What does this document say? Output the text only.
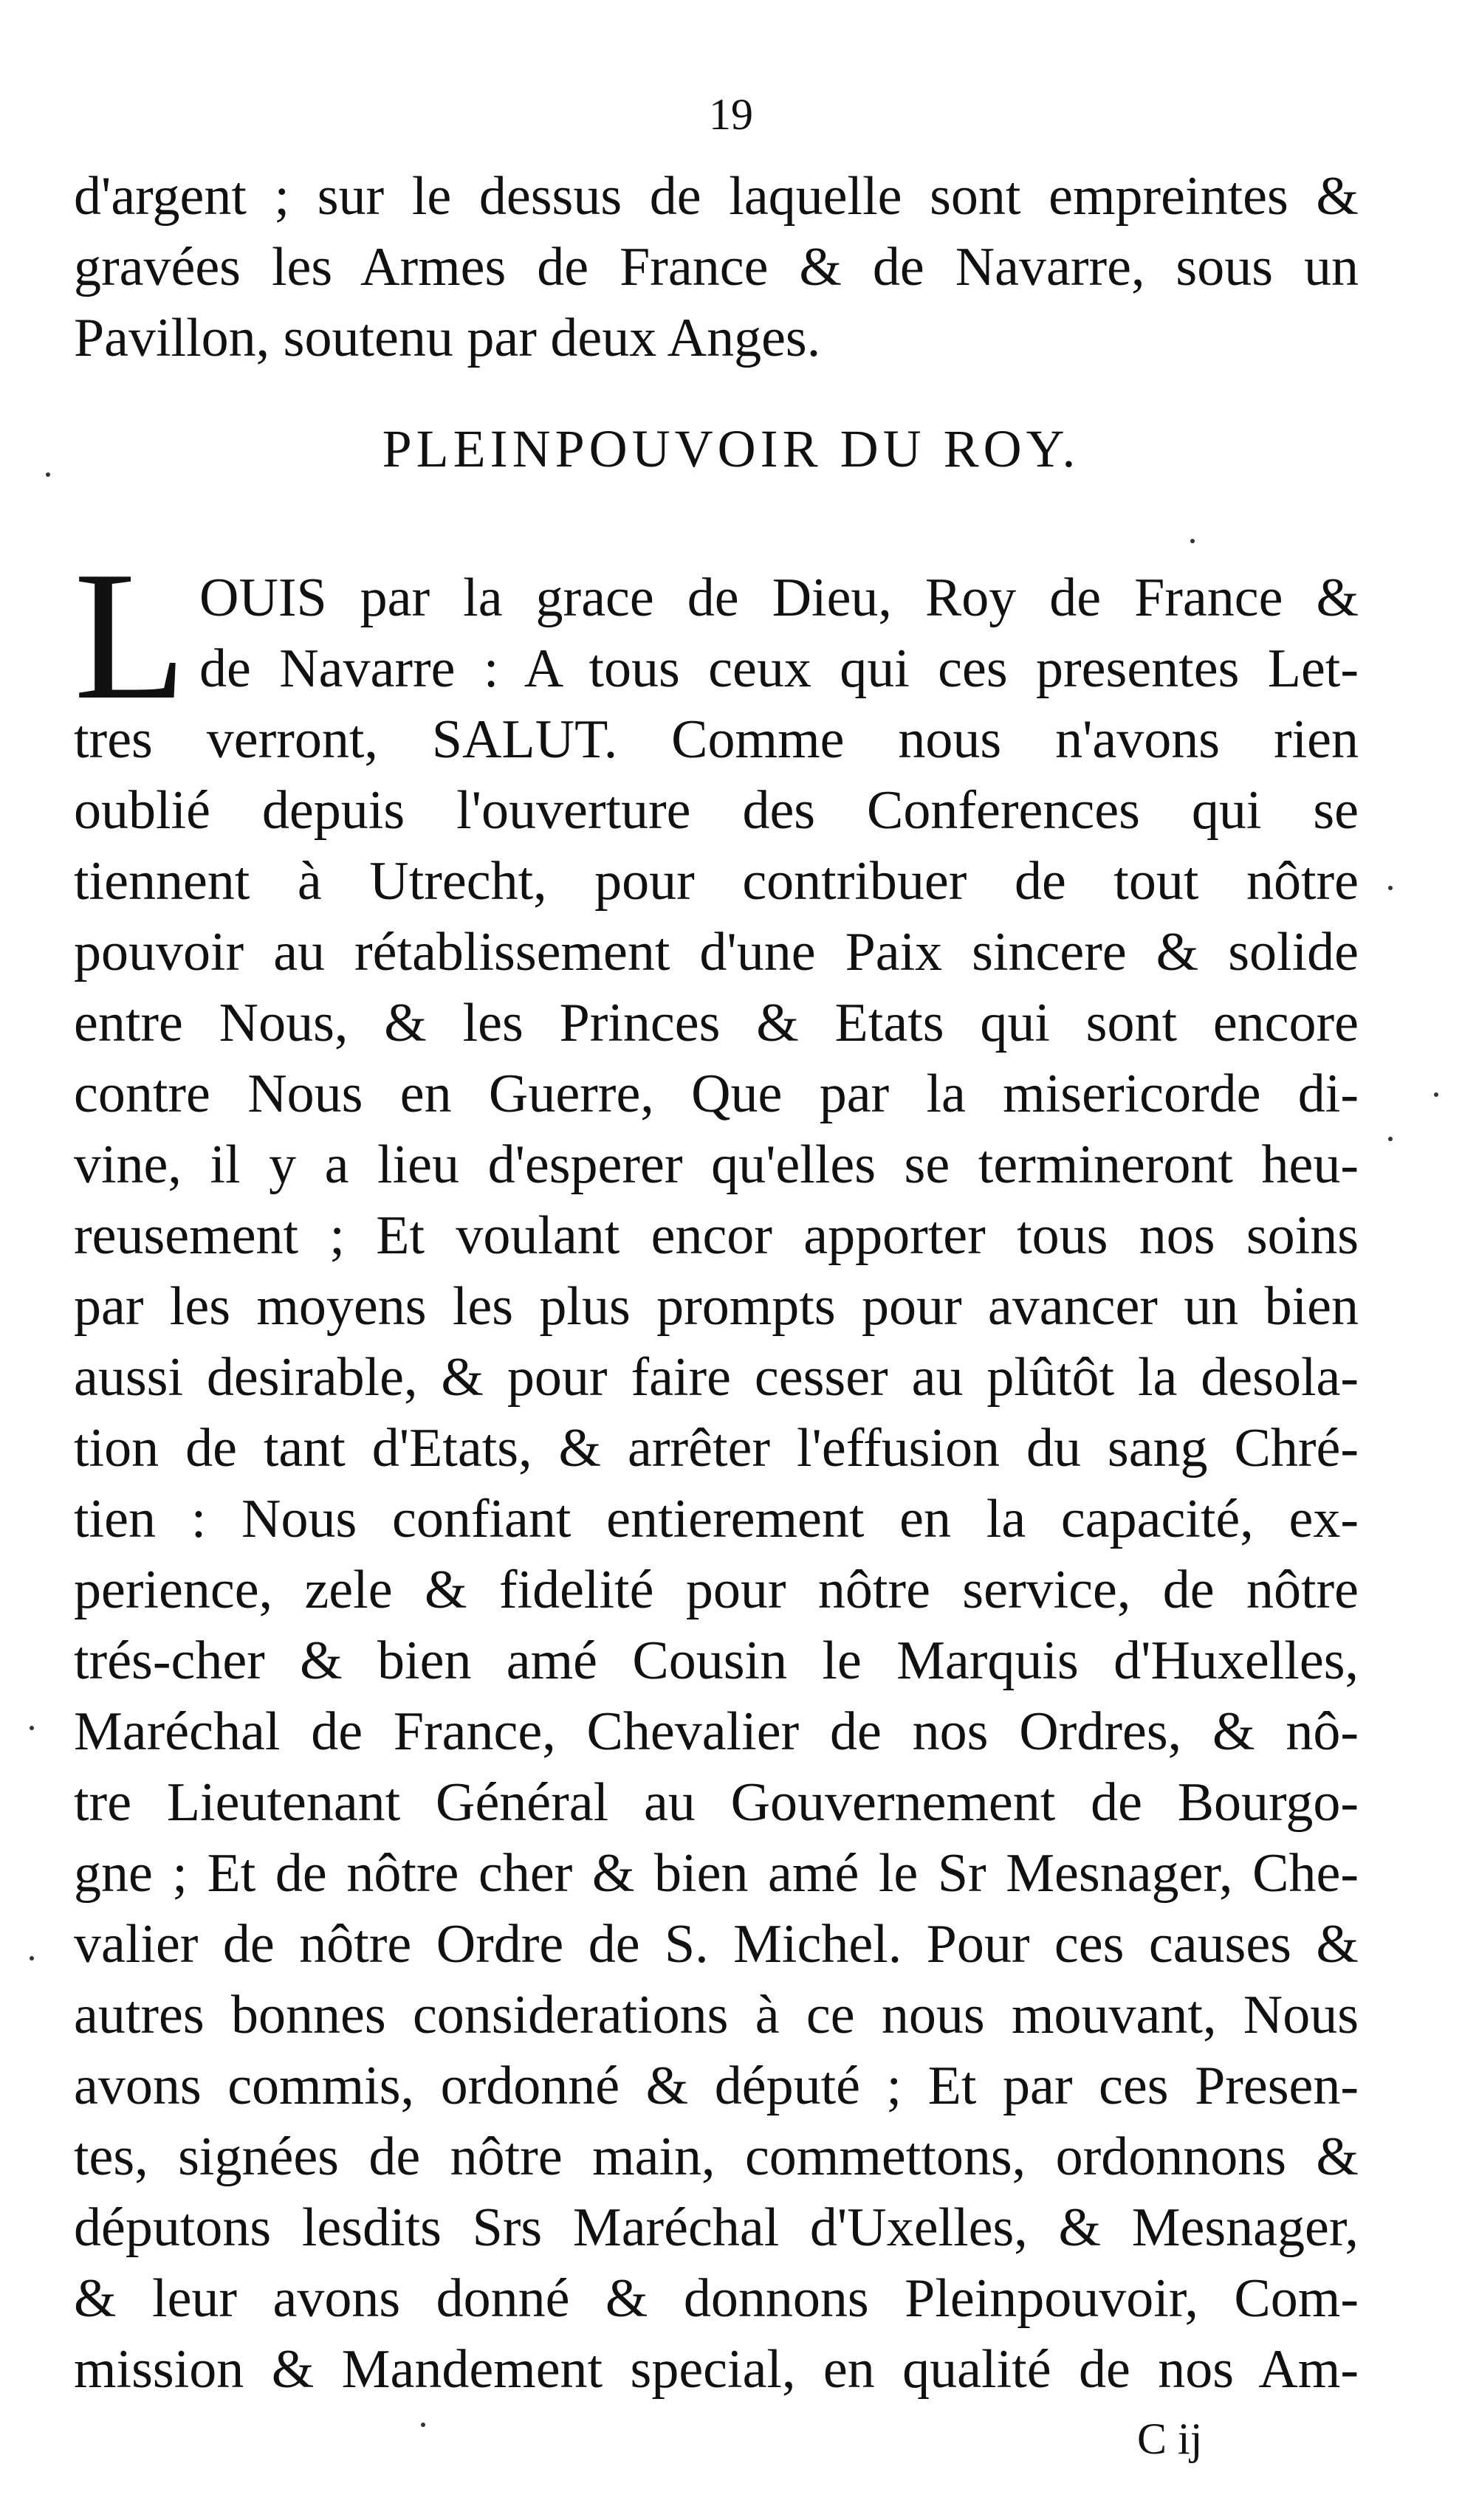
19
d'argent ; sur le dessus de laquelle sont empreintes &
gravées les Armes de France & de Navarre, sous un
Pavillon, soutenu par deux Anges.
PLEINPOUVOIR DU ROY.
L OUIS par la grace de Dieu, Roy de France &
de Navarre : A tous ceux qui ces presentes Let-
tres verront, SALUT. Comme nous n'avons rien
oublié depuis l'ouverture des Conferences qui se
tiennent à Utrecht, pour contribuer de tout nôtre
pouvoir au rétablissement d'une Paix sincere & solide
entre Nous, & les Princes & Etats qui sont encore
contre Nous en Guerre, Que par la misericorde di-
vine, il y a lieu d'esperer qu'elles se termineront heu-
reusement ; Et voulant encor apporter tous nos soins
par les moyens les plus prompts pour avancer un bien
aussi desirable, & pour faire cesser au plûtôt la desola-
tion de tant d'Etats, & arrêter l'effusion du sang Chré-
tien : Nous confiant entierement en la capacité, ex-
perience, zele & fidelité pour nôtre service, de nôtre
trés-cher & bien amé Cousin le Marquis d'Huxelles,
Maréchal de France, Chevalier de nos Ordres, & nô-
tre Lieutenant Général au Gouvernement de Bourgo-
gne ; Et de nôtre cher & bien amé le Sr Mesnager, Che-
valier de nôtre Ordre de S. Michel. Pour ces causes &
autres bonnes considerations à ce nous mouvant, Nous
avons commis, ordonné & député ; Et par ces Presen-
tes, signées de nôtre main, commettons, ordonnons &
députons lesdits Srs Maréchal d'Uxelles, & Mesnager,
& leur avons donné & donnons Pleinpouvoir, Com-
mission & Mandement special, en qualité de nos Am-
C ij
